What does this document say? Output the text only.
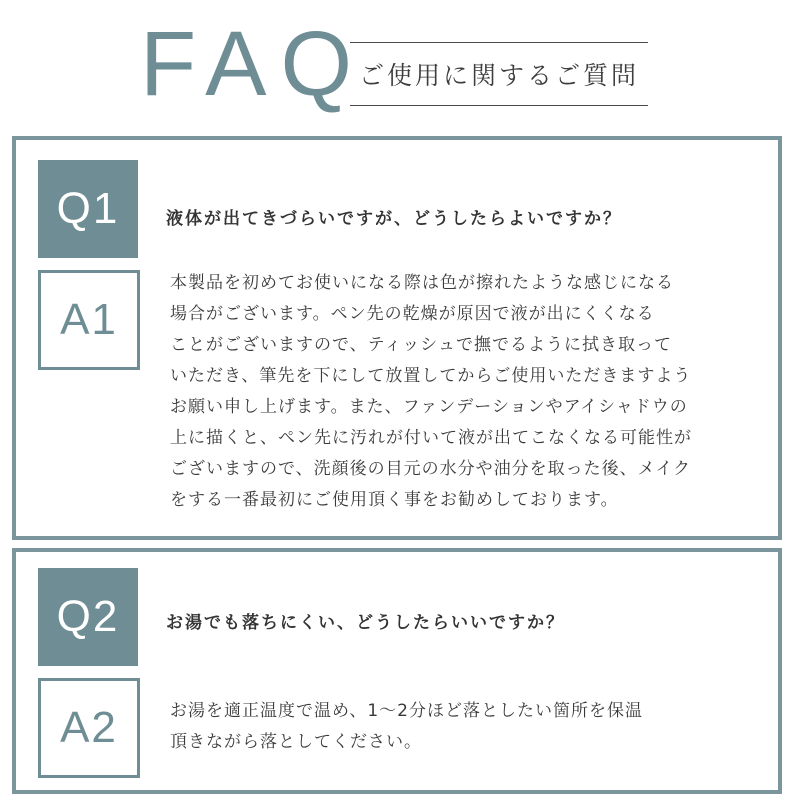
FAQ
ご使用に関するご質問
Q1	液体が出てきづらいですが、どうしたらよいですか？
A1
本製品を初めてお使いになる際は色が擦れたような感じになる
場合がございます。ペン先の乾燥が原因で液が出にくくなる
ことがございますので、ティッシュで撫でるように拭き取って
いただき、筆先を下にして放置してからご使用いただきますよう
お願い申し上げます。また、ファンデーションやアイシャドウの
上に描くと、ペン先に汚れが付いて液が出てこなくなる可能性が
ございますので、洗顔後の目元の水分や油分を取った後、メイク
をする一番最初にご使用頂く事をお勧めしております。
Q2	お湯でも落ちにくい、どうしたらいいですか？
A2	お湯を適正温度で温め、1〜2分ほど落としたい箇所を保温
頂きながら落としてください。
